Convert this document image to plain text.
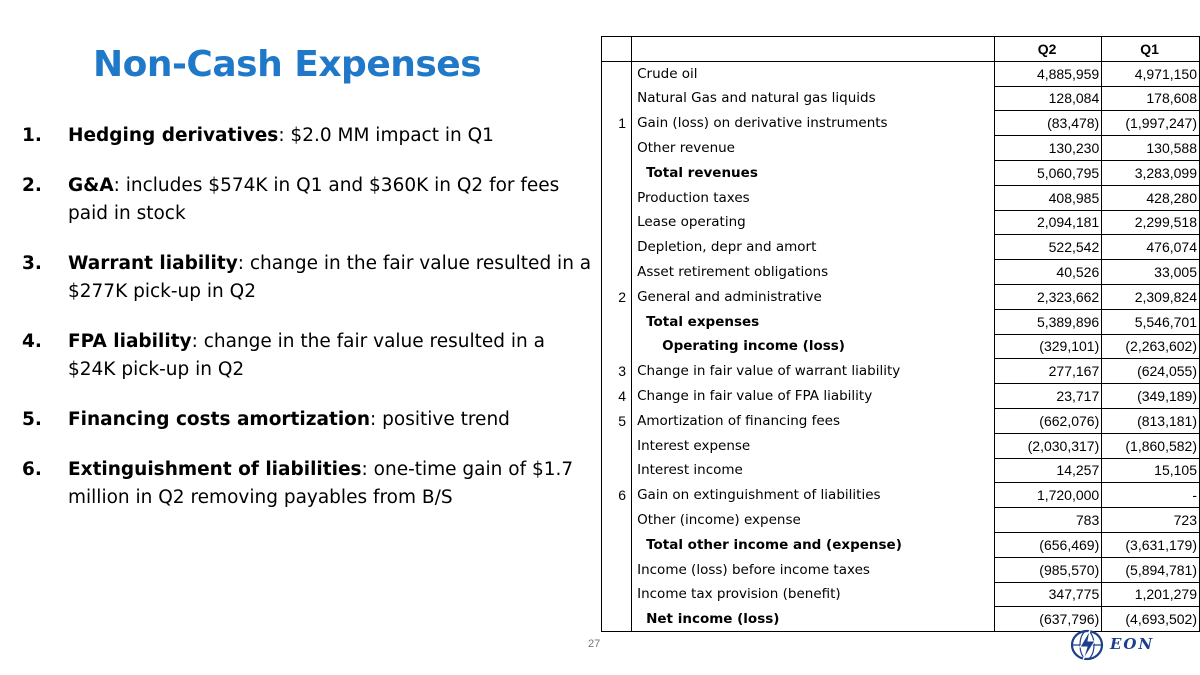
Non-Cash Expenses
1. Hedging derivatives: $2.0 MM impact in Q1
2. G&A: includes $574K in Q1 and $360K in Q2 for fees paid in stock
3. Warrant liability: change in the fair value resulted in a $277K pick-up in Q2
4. FPA liability: change in the fair value resulted in a $24K pick-up in Q2
5. Financing costs amortization: positive trend
6. Extinguishment of liabilities: one-time gain of $1.7 million in Q2 removing payables from B/S
		Q2	Q1
	Crude oil	4,885,959	4,971,150
	Natural Gas and natural gas liquids	128,084	178,608
1	Gain (loss) on derivative instruments	(83,478)	(1,997,247)
	Other revenue	130,230	130,588
	Total revenues	5,060,795	3,283,099
	Production taxes	408,985	428,280
	Lease operating	2,094,181	2,299,518
	Depletion, depr and amort	522,542	476,074
	Asset retirement obligations	40,526	33,005
2	General and administrative	2,323,662	2,309,824
	Total expenses	5,389,896	5,546,701
	Operating income (loss)	(329,101)	(2,263,602)
3	Change in fair value of warrant liability	277,167	(624,055)
4	Change in fair value of FPA liability	23,717	(349,189)
5	Amortization of financing fees	(662,076)	(813,181)
	Interest expense	(2,030,317)	(1,860,582)
	Interest income	14,257	15,105
6	Gain on extinguishment of liabilities	1,720,000	-
	Other (income) expense	783	723
	Total other income and (expense)	(656,469)	(3,631,179)
	Income (loss) before income taxes	(985,570)	(5,894,781)
	Income tax provision (benefit)	347,775	1,201,279
	Net income (loss)	(637,796)	(4,693,502)
27	EON
